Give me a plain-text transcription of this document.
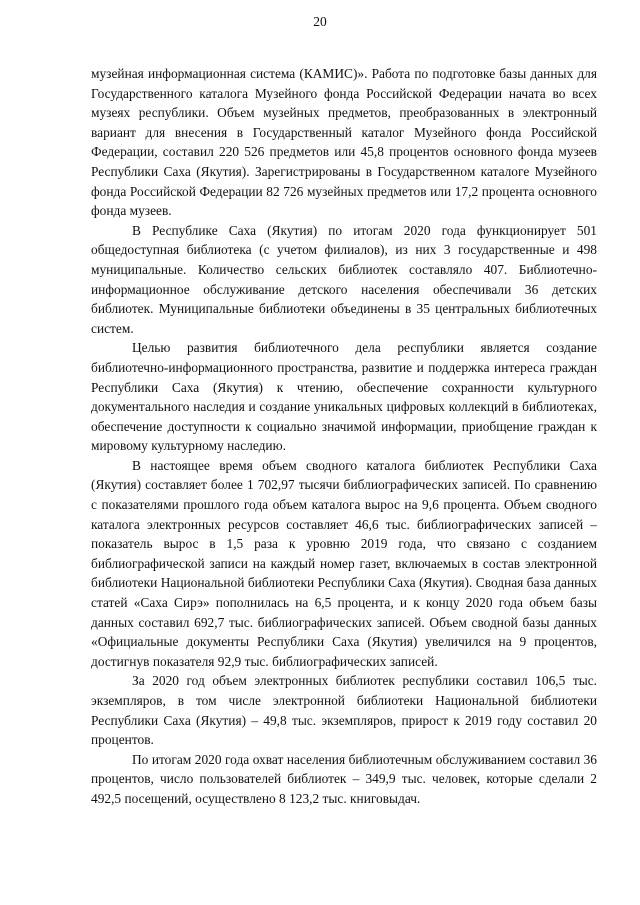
20

музейная информационная система (КАМИС)». Работа по подготовке базы данных для Государственного каталога Музейного фонда Российской Федерации начата во всех музеях республики. Объем музейных предметов, преобразованных в электронный вариант для внесения в Государственный каталог Музейного фонда Российской Федерации, составил 220 526 предметов или 45,8 процентов основного фонда музеев Республики Саха (Якутия). Зарегистрированы в Государственном каталоге Музейного фонда Российской Федерации 82 726 музейных предметов или 17,2 процента основного фонда музеев.

В Республике Саха (Якутия) по итогам 2020 года функционирует 501 общедоступная библиотека (с учетом филиалов), из них 3 государственные и 498 муниципальные. Количество сельских библиотек составляло 407. Библиотечно-информационное обслуживание детского населения обеспечивали 36 детских библиотек. Муниципальные библиотеки объединены в 35 центральных библиотечных систем.

Целью развития библиотечного дела республики является создание библиотечно-информационного пространства, развитие и поддержка интереса граждан Республики Саха (Якутия) к чтению, обеспечение сохранности культурного документального наследия и создание уникальных цифровых коллекций в библиотеках, обеспечение доступности к социально значимой информации, приобщение граждан к мировому культурному наследию.

В настоящее время объем сводного каталога библиотек Республики Саха (Якутия) составляет более 1 702,97 тысячи библиографических записей. По сравнению с показателями прошлого года объем каталога вырос на 9,6 процента. Объем сводного каталога электронных ресурсов составляет 46,6 тыс. библиографических записей – показатель вырос в 1,5 раза к уровню 2019 года, что связано с созданием библиографической записи на каждый номер газет, включаемых в состав электронной библиотеки Национальной библиотеки Республики Саха (Якутия). Сводная база данных статей «Саха Сирэ» пополнилась на 6,5 процента, и к концу 2020 года объем базы данных составил 692,7 тыс. библиографических записей. Объем сводной базы данных «Официальные документы Республики Саха (Якутия) увеличился на 9 процентов, достигнув показателя 92,9 тыс. библиографических записей.

За 2020 год объем электронных библиотек республики составил 106,5 тыс. экземпляров, в том числе электронной библиотеки Национальной библиотеки Республики Саха (Якутия) – 49,8 тыс. экземпляров, прирост к 2019 году составил 20 процентов.

По итогам 2020 года охват населения библиотечным обслуживанием составил 36 процентов, число пользователей библиотек – 349,9 тыс. человек, которые сделали 2 492,5 посещений, осуществлено 8 123,2 тыс. книговыдач.
